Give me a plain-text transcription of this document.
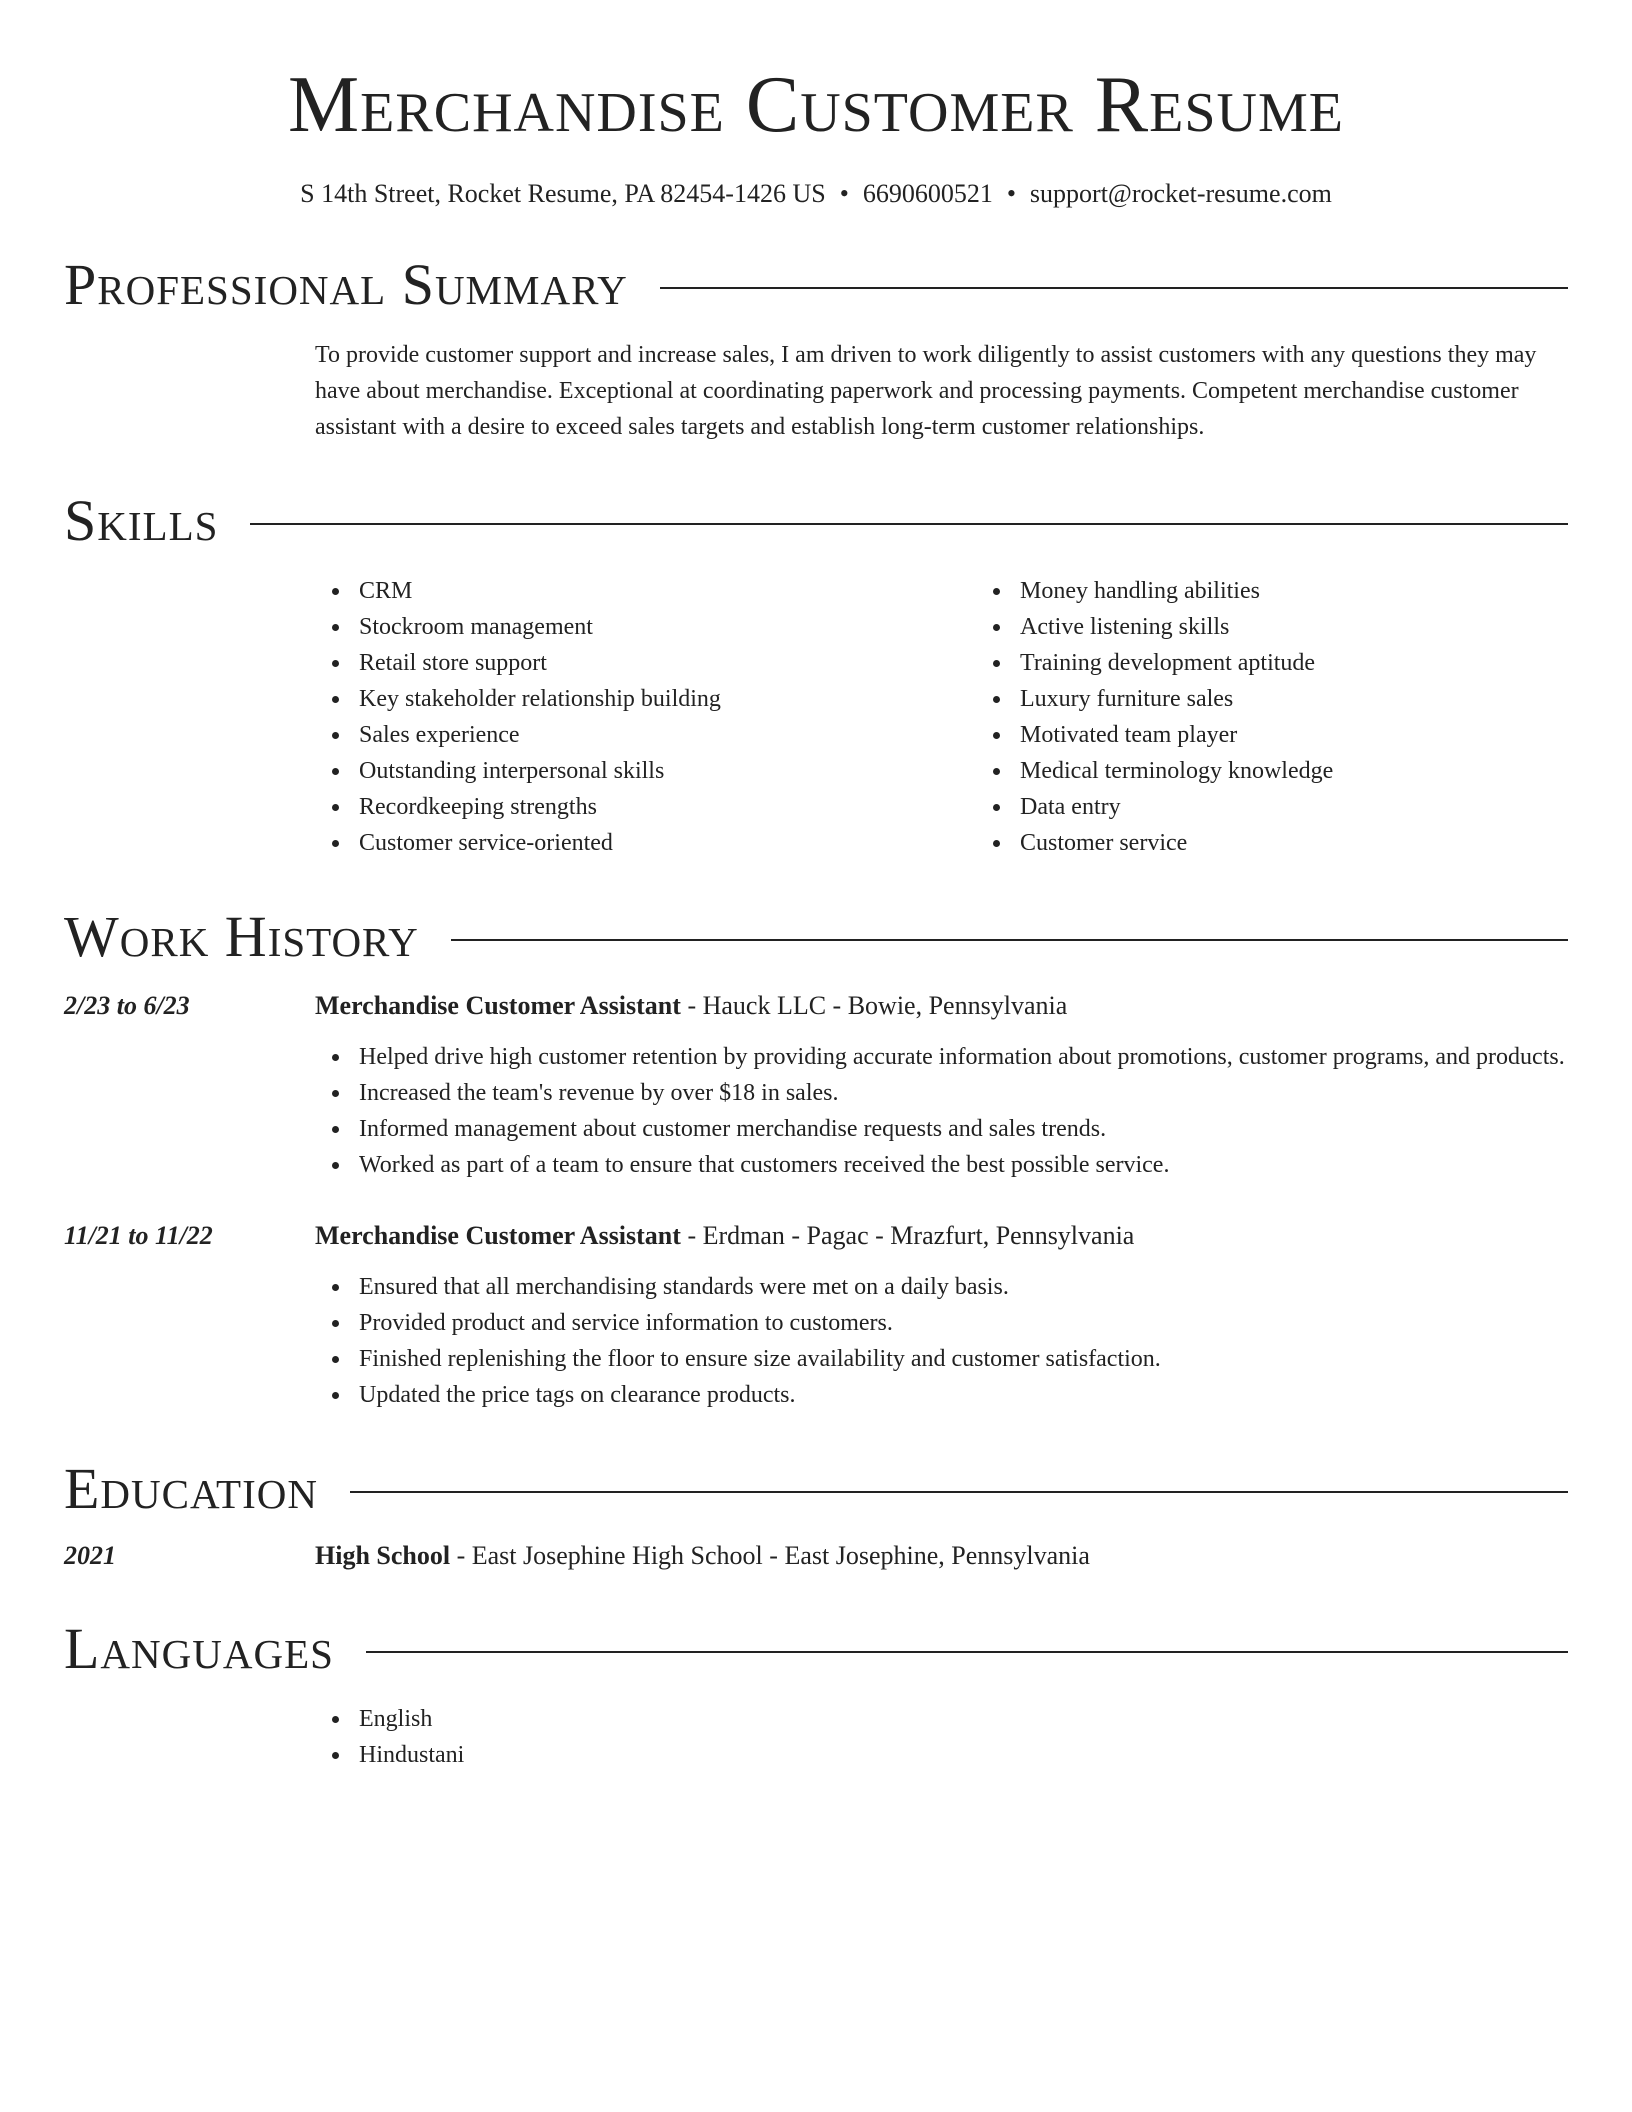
Merchandise Customer Resume
S 14th Street, Rocket Resume, PA 82454-1426 US • 6690600521 • support@rocket-resume.com
Professional Summary
To provide customer support and increase sales, I am driven to work diligently to assist customers with any questions they may have about merchandise. Exceptional at coordinating paperwork and processing payments. Competent merchandise customer assistant with a desire to exceed sales targets and establish long-term customer relationships.
Skills
CRM
Stockroom management
Retail store support
Key stakeholder relationship building
Sales experience
Outstanding interpersonal skills
Recordkeeping strengths
Customer service-oriented
Money handling abilities
Active listening skills
Training development aptitude
Luxury furniture sales
Motivated team player
Medical terminology knowledge
Data entry
Customer service
Work History
2/23 to 6/23	Merchandise Customer Assistant - Hauck LLC - Bowie, Pennsylvania
Helped drive high customer retention by providing accurate information about promotions, customer programs, and products.
Increased the team's revenue by over $18 in sales.
Informed management about customer merchandise requests and sales trends.
Worked as part of a team to ensure that customers received the best possible service.
11/21 to 11/22	Merchandise Customer Assistant - Erdman - Pagac - Mrazfurt, Pennsylvania
Ensured that all merchandising standards were met on a daily basis.
Provided product and service information to customers.
Finished replenishing the floor to ensure size availability and customer satisfaction.
Updated the price tags on clearance products.
Education
2021	High School - East Josephine High School - East Josephine, Pennsylvania
Languages
English
Hindustani
